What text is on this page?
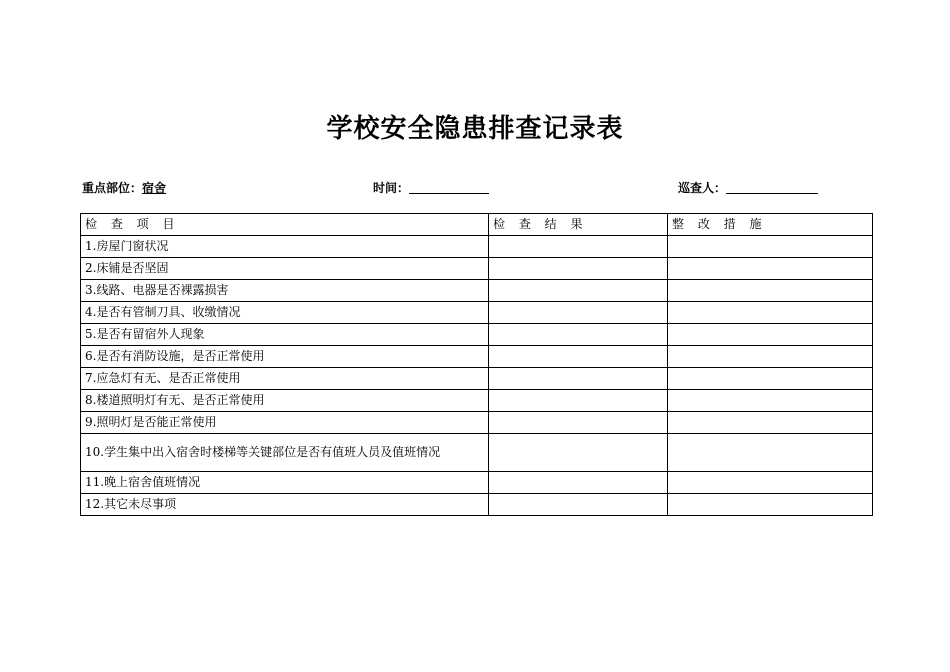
学校安全隐患排查记录表
重点部位：宿舍	时间：	巡查人：
检 查 项 目	检 查 结 果	整 改 措 施
1.房屋门窗状况		
2.床铺是否坚固		
3.线路、电器是否裸露损害		
4.是否有管制刀具、收缴情况		
5.是否有留宿外人现象		
6.是否有消防设施，是否正常使用		
7.应急灯有无、是否正常使用		
8.楼道照明灯有无、是否正常使用		
9.照明灯是否能正常使用		
10.学生集中出入宿舍时楼梯等关键部位是否有值班人员及值班情况		
11.晚上宿舍值班情况		
12.其它未尽事项		
